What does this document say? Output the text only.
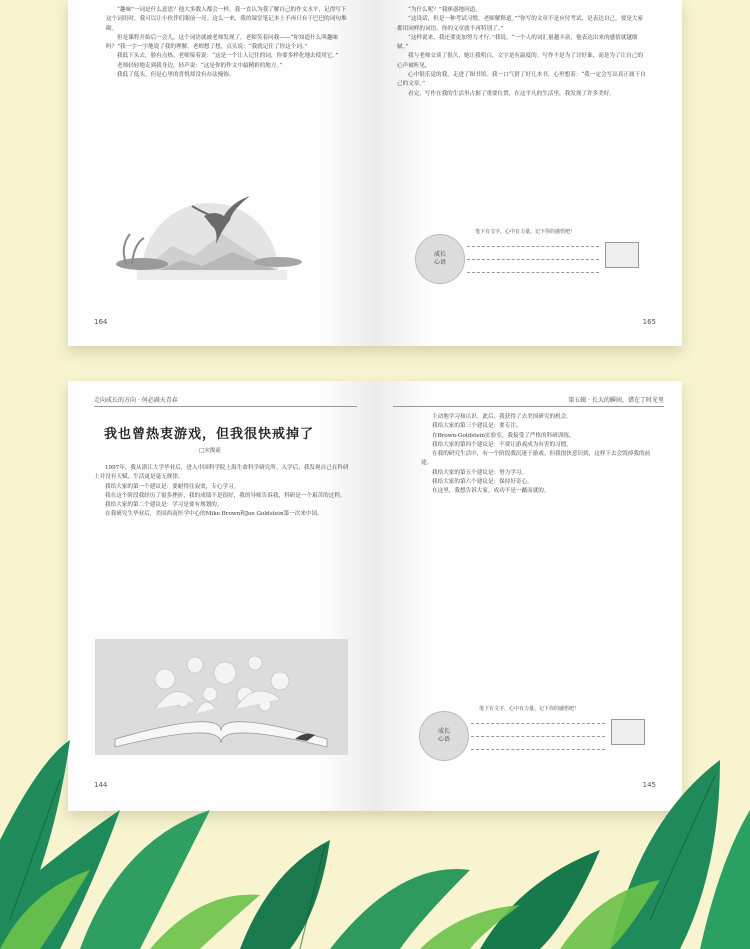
“趣味”一词是什么意思？他大多数人都会一样。我一直认为我了解自己的作文水平，记得写下这个词语时，我可以让小伙伴们眼前一亮。这么一来，我的课堂笔记本上不再只有干巴巴的词句堆砌。

但是课程开始后一会儿，这个词语就被老师发现了。老师笑着问我——“你知道什么叫趣味吗？”我一字一字地说了我的理解，老师想了想，点头说：“我就记住了你这个词。”

我低下头去，脸有点热。老师接着说：“这是一个让人记住的词，你要多样化地去使用它。”

老师轻轻地走到我身边，轻声说：“这是你的作文中最精彩的地方。”

我低了低头，但是心里的喜悦却没有办法掩饰。

164

“为什么呢？”我痑惑地问道。

“这设话，但是一种考试习惯，老师解释道。”“你写的文章不是应付考试，是表达自己。要是大家都用同样的词语，你的文章就不再特别了。”

“这样说来，我还要更加努力才行。”我说。“一个人的词汇量越丰富，他表达出来的感情就越细腻。”

我与老师交谈了很久，她让我明白，文字是有温度的。写作不是为了讨好谁，而是为了让自己的心声被听见。

心中很乐觉的我，走进了图书馆。我一口气借了好几本书，心里想着：“我一定会写出真正属于自己的文章。”

看完，写作在我的生活里占据了重要位置，在这平凡的生活里，我发现了许多美好。

成长
心语
笔下有文字，心中有力量。记下你的感悟吧！
165
走向成长的方向 · 何必满天青春
我也曾热衷游戏，但我很快戒掉了
□宋俊豪

1997年，我从浙江大学毕业后，进入中国科学院上海生命科学研究所。入学后，我发现自己在科研上并没有天赋，生活更是毫无规律。

我给大家的第一个建议是：要耐得住寂寞，专心学习。

我在这个阶段我经历了很多挫折，我的成绩不是很好，我的导师告诉我，科研是一个艰苦的过程。

我给大家的第二个建议是：学习是要有规划的。

在我研究生毕业后，美国西南医学中心的Mike Brown和Joe Goldstein第一次来中国。

144
第五辑 · 长大的瞬间，错在了时光里

主动地学习和认识。此后，我获得了去美国研究的机会。

我给大家的第三个建议是：要专注。

在Brown-Goldstein实验室，我接受了严格的科研训练。

我给大家的第四个建议是：不要让游戏成为有害的习惯。

在我的研究生活中，有一个阶段我沉迷于游戏。但我很快意识到，这样下去会毁掉我的前途。

我给大家的第五个建议是：努力学习。

我给大家的第六个建议是：保持好奇心。

在这里，我想告诉大家，成功不是一蹴而就的。

成长
心语
笔下有文字，心中有力量。记下你的感悟吧！
145
